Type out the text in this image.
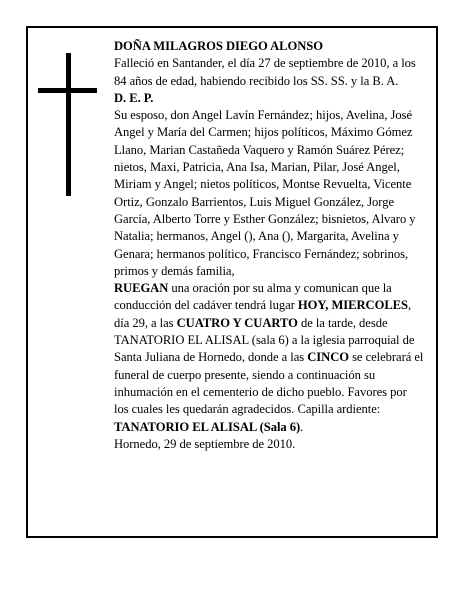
DOÑA MILAGROS DIEGO ALONSO

Falleció en Santander, el día 27 de septiembre de 2010, a los 84 años de edad, habiendo recibido los SS. SS. y la B. A.

D. E. P.

Su esposo, don Angel Lavín Fernández; hijos, Avelina, José Angel y María del Carmen; hijos políticos, Máximo Gómez Llano, Marian Castañeda Vaquero y Ramón Suárez Pérez; nietos, Maxi, Patricia, Ana Isa, Marian, Pilar, José Angel, Miriam y Angel; nietos políticos, Montse Revuelta, Vicente Ortiz, Gonzalo Barrientos, Luis Miguel González, Jorge García, Alberto Torre y Esther González; bisnietos, Alvaro y Natalia; hermanos, Angel (), Ana (), Margarita, Avelina y Genara; hermanos político, Francisco Fernández; sobrinos, primos y demás familia,

RUEGAN una oración por su alma y comunican que la conducción del cadáver tendrá lugar HOY, MIERCOLES, día 29, a las CUATRO Y CUARTO de la tarde, desde TANATORIO EL ALISAL (sala 6) a la iglesia parroquial de Santa Juliana de Hornedo, donde a las CINCO se celebrará el funeral de cuerpo presente, siendo a continuación su inhumación en el cementerio de dicho pueblo. Favores por los cuales les quedarán agradecidos. Capilla ardiente: TANATORIO EL ALISAL (Sala 6).

Hornedo, 29 de septiembre de 2010.
